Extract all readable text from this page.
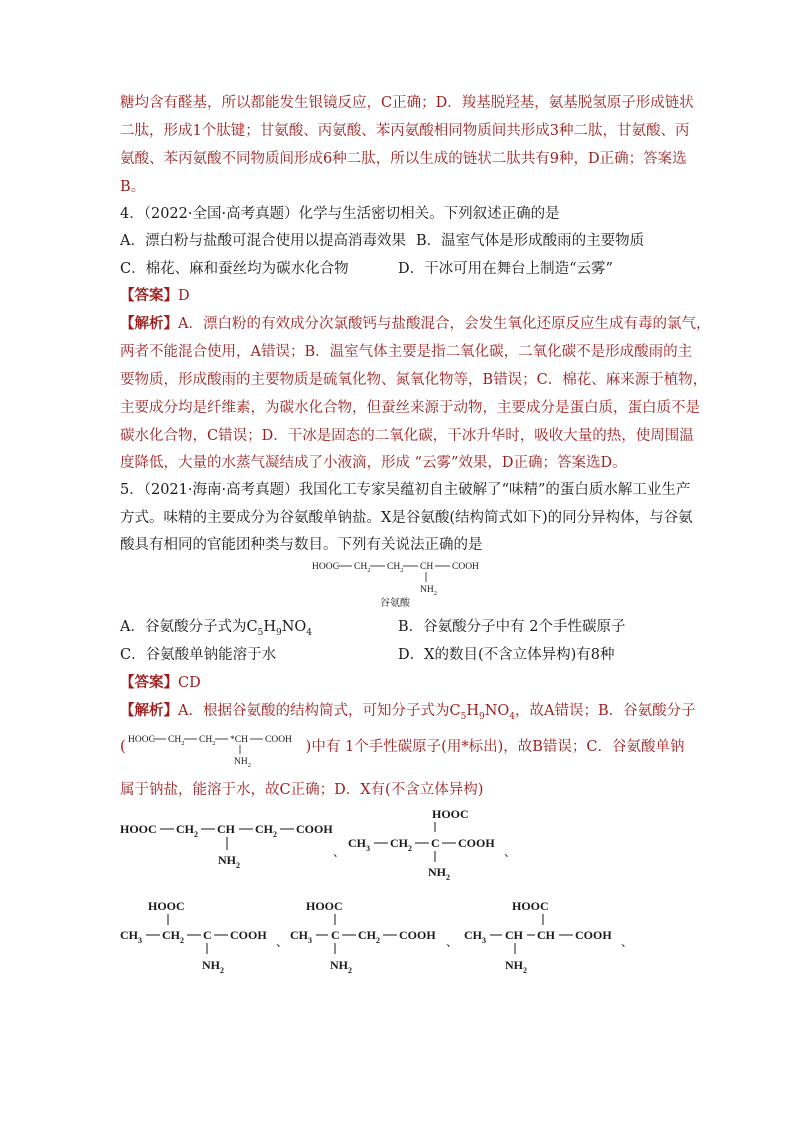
糖均含有醛基，所以都能发生银镜反应，C正确；D．羧基脱羟基，氨基脱氢原子形成链状
二肽，形成1个肽键；甘氨酸、丙氨酸、苯丙氨酸相同物质间共形成3种二肽，甘氨酸、丙
氨酸、苯丙氨酸不同物质间形成6种二肽，所以生成的链状二肽共有9种，D正确；答案选
B。
4．（2022·全国·高考真题）化学与生活密切相关。下列叙述正确的是
A．漂白粉与盐酸可混合使用以提高消毒效果 B．温室气体是形成酸雨的主要物质
C．棉花、麻和蚕丝均为碳水化合物	D．干冰可用在舞台上制造“云雾”
【答案】D
【解析】A．漂白粉的有效成分次氯酸钙与盐酸混合，会发生氧化还原反应生成有毒的氯气，
两者不能混合使用，A错误；B．温室气体主要是指二氧化碳，二氧化碳不是形成酸雨的主
要物质，形成酸雨的主要物质是硫氧化物、氮氧化物等，B错误；C．棉花、麻来源于植物，
主要成分均是纤维素，为碳水化合物，但蚕丝来源于动物，主要成分是蛋白质，蛋白质不是
碳水化合物，C错误；D．干冰是固态的二氧化碳，干冰升华时，吸收大量的热，使周围温
度降低，大量的水蒸气凝结成了小液滴，形成 “云雾”效果，D正确；答案选D。
5．（2021·海南·高考真题）我国化工专家吴蕴初自主破解了“味精”的蛋白质水解工业生产
方式。味精的主要成分为谷氨酸单钠盐。X是谷氨酸(结构简式如下)的同分异构体，与谷氨
酸具有相同的官能团种类与数目。下列有关说法正确的是
HOOC $CH_2$ $CH_2$ CH COOH
$NH_2$
谷氨酸
A．谷氨酸分子式为$C_5H_9NO_4$	B．谷氨酸分子中有 2个手性碳原子
C．谷氨酸单钠能溶于水	D．X的数目(不含立体异构)有8种
【答案】CD
【解析】A．根据谷氨酸的结构简式，可知分子式为$C_5H_9NO_4$，故A错误；B．谷氨酸分子
(	)中有 1个手性碳原子(用*标出)，故B错误；C．谷氨酸单钠
HOOC $CH_2$ $CH_2$ *CH COOH
$NH_2$
属于钠盐，能溶于水，故C正确；D．X有(不含立体异构)
HOOC $CH_2$ CH $CH_2$ COOH
$NH_2$
、
HOOC
$CH_3$ $CH_2$ C COOH
$NH_2$
、
HOOC
$CH_3$ $CH_2$ C COOH
$NH_2$
、
HOOC
$CH_3$ C $CH_2$ COOH
$NH_2$
、
HOOC
$CH_3$ CH CH COOH
$NH_2$
、
